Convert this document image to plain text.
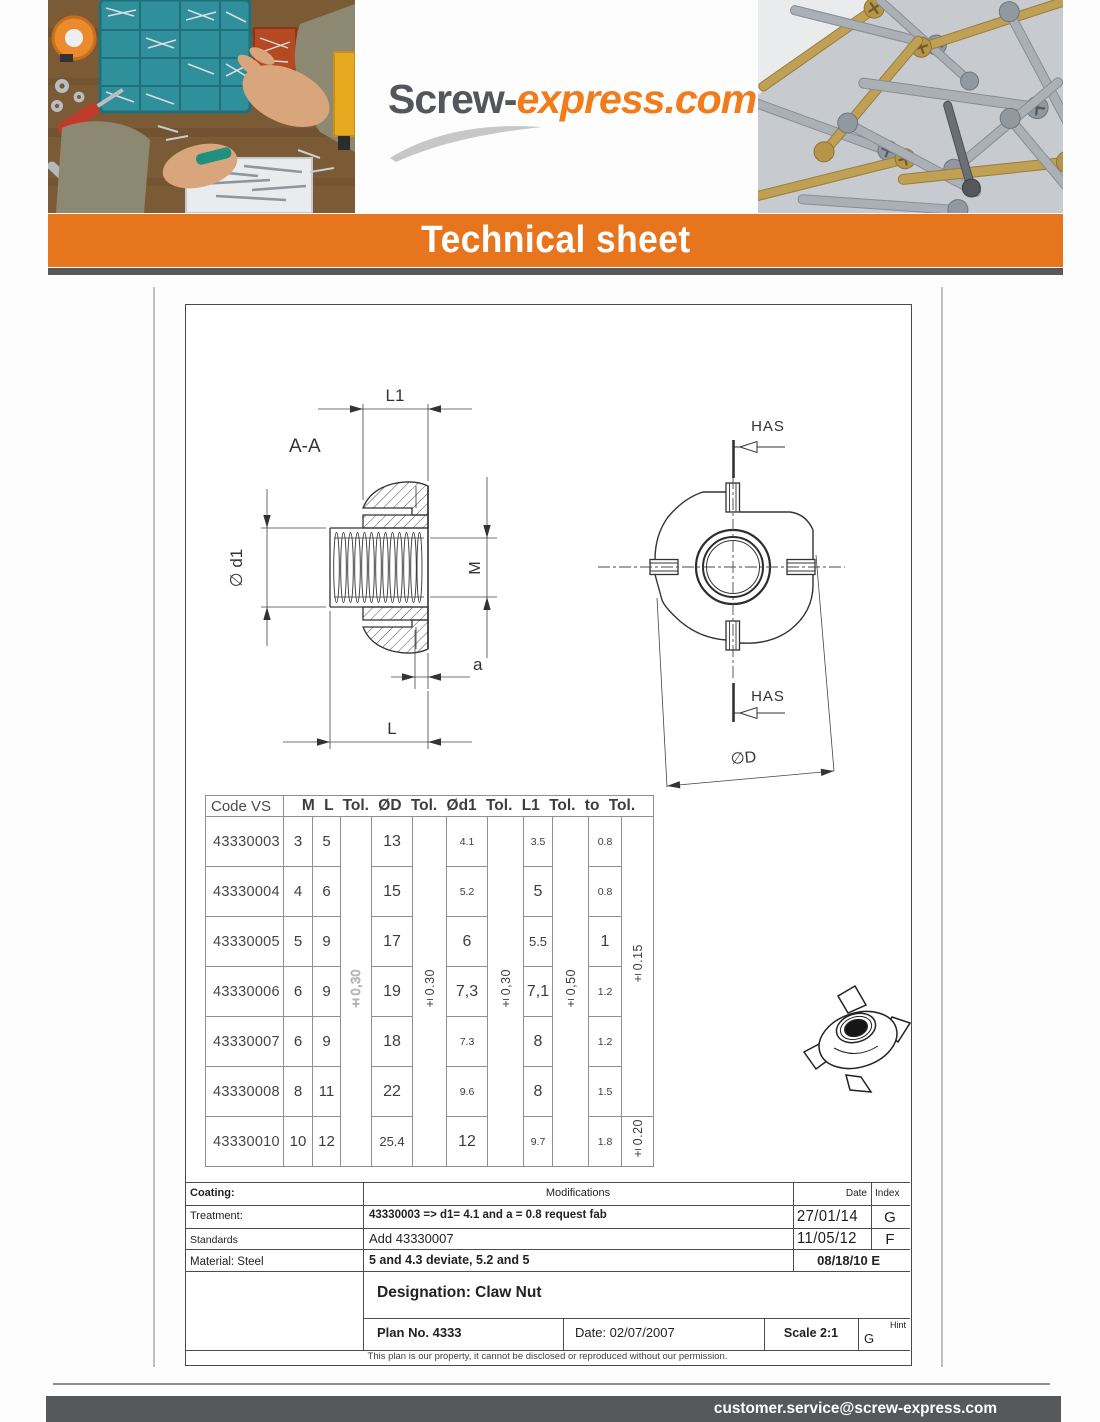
Screw-express.com
Technical sheet
A-A
L1
∅ d1	M
a
L
HAS
HAS
∅D
Code VS	M L Tol. ØD Tol. Ød1 Tol. L1 Tol. to Tol.										
43330003	3	5	±0,30	13	±0.30	4.1	±0,30	3.5	±0,50	0.8	±0.15
43330004	4	6		15		5.2		5		0.8	
43330005	5	9		17		6		5.5		1	
43330006	6	9		19		7,3		7,1		1.2	
43330007	6	9		18		7.3		8		1.2	
43330008	8	11		22		9.6		8		1.5	
43330010	10	12		25.4		12		9.7		1.8	±0.20
Coating:	Modifications	Date Index
Treatment:	43330003 => d1= 4.1 and a = 0.8 request fab	27/01/14	G
Standards	Add 43330007	11/05/12	F
Material: Steel	5 and 4.3 deviate, 5.2 and 5	08/18/10 E
Designation: Claw Nut
Plan No. 4333	Date: 02/07/2007	Scale 2:1
Hint
G
This plan is our property, it cannot be disclosed or reproduced without our permission.
customer.service@screw-express.com
